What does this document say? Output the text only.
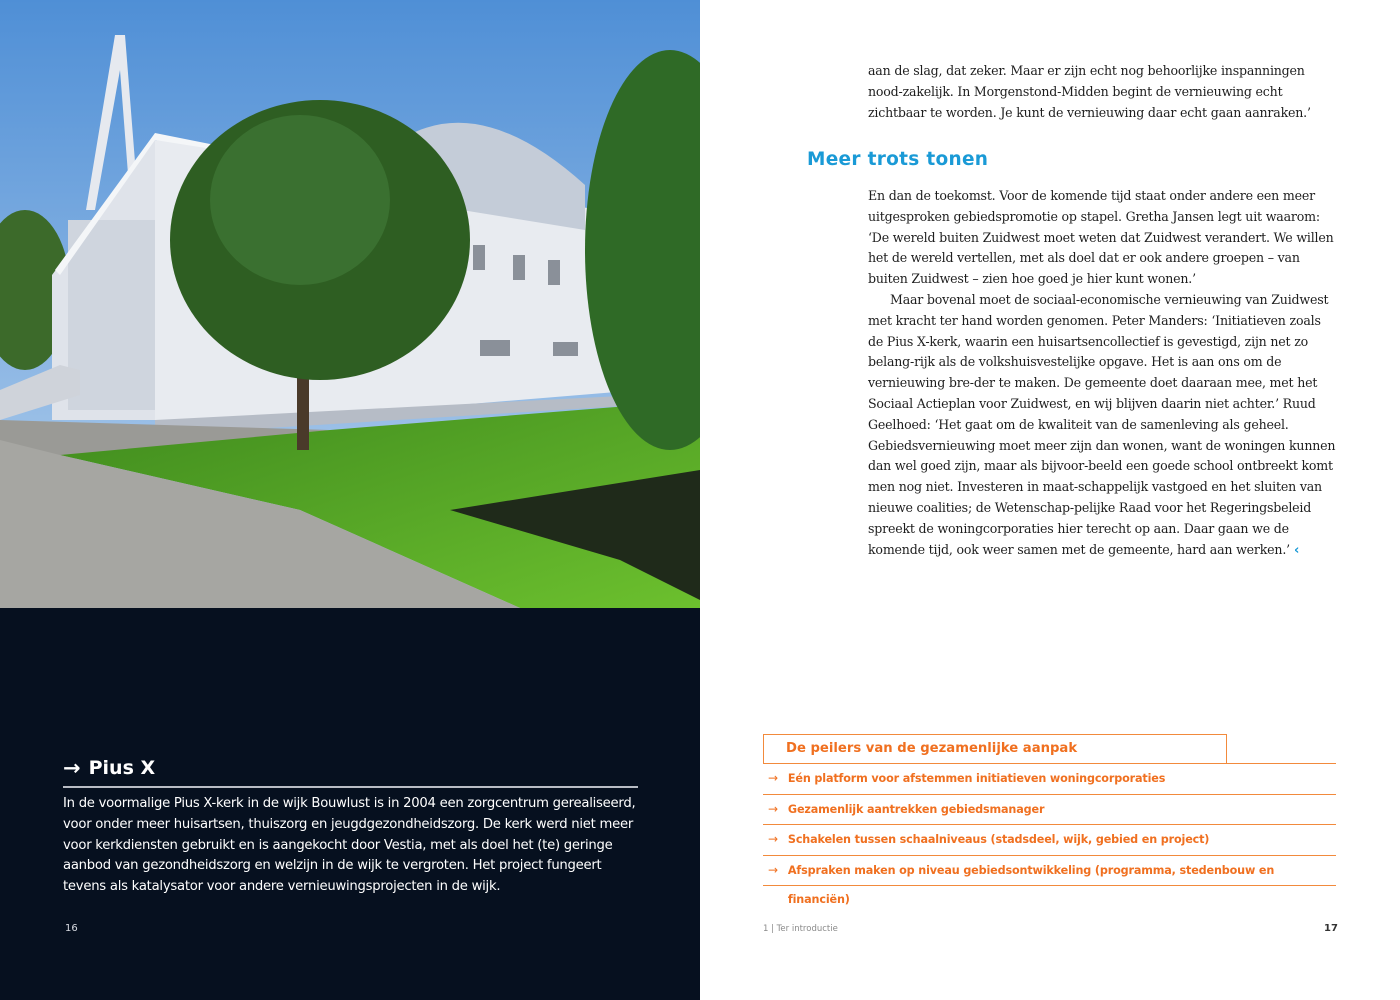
→ Pius X
In de voormalige Pius X-kerk in de wijk Bouwlust is in 2004 een zorgcentrum gerealiseerd, voor onder meer huisartsen, thuiszorg en jeugdgezondheidszorg. De kerk werd niet meer voor kerkdiensten gebruikt en is aangekocht door Vestia, met als doel het (te) geringe aanbod van gezondheidszorg en welzijn in de wijk te vergroten. Het project fungeert tevens als katalysator voor andere vernieuwingsprojecten in de wijk.
16
aan de slag, dat zeker. Maar er zijn echt nog behoorlijke inspanningen nood-zakelijk. In Morgenstond-Midden begint de vernieuwing echt zichtbaar te worden. Je kunt de vernieuwing daar echt gaan aanraken.’
Meer trots tonen
En dan de toekomst. Voor de komende tijd staat onder andere een meer uitgesproken gebiedspromotie op stapel. Gretha Jansen legt uit waarom: ‘De wereld buiten Zuidwest moet weten dat Zuidwest verandert. We willen het de wereld vertellen, met als doel dat er ook andere groepen – van buiten Zuidwest – zien hoe goed je hier kunt wonen.’

Maar bovenal moet de sociaal-economische vernieuwing van Zuidwest met kracht ter hand worden genomen. Peter Manders: ‘Initiatieven zoals de Pius X-kerk, waarin een huisartsencollectief is gevestigd, zijn net zo belang-rijk als de volkshuisvestelijke opgave. Het is aan ons om de vernieuwing bre-der te maken. De gemeente doet daaraan mee, met het Sociaal Actieplan voor Zuidwest, en wij blijven daarin niet achter.’ Ruud Geelhoed: ‘Het gaat om de kwaliteit van de samenleving als geheel. Gebiedsvernieuwing moet meer zijn dan wonen, want de woningen kunnen dan wel goed zijn, maar als bijvoor-beeld een goede school ontbreekt komt men nog niet. Investeren in maat-schappelijk vastgoed en het sluiten van nieuwe coalities; de Wetenschap-pelijke Raad voor het Regeringsbeleid spreekt de woningcorporaties hier terecht op aan. Daar gaan we de komende tijd, ook weer samen met de gemeente, hard aan werken.’ ‹

De peilers van de gezamenlijke aanpak
→ Eén platform voor afstemmen initiatieven woningcorporaties
→ Gezamenlijk aantrekken gebiedsmanager
→ Schakelen tussen schaalniveaus (stadsdeel, wijk, gebied en project)
→ Afspraken maken op niveau gebiedsontwikkeling (programma, stedenbouw en financiën)
1 | Ter introductie	17
